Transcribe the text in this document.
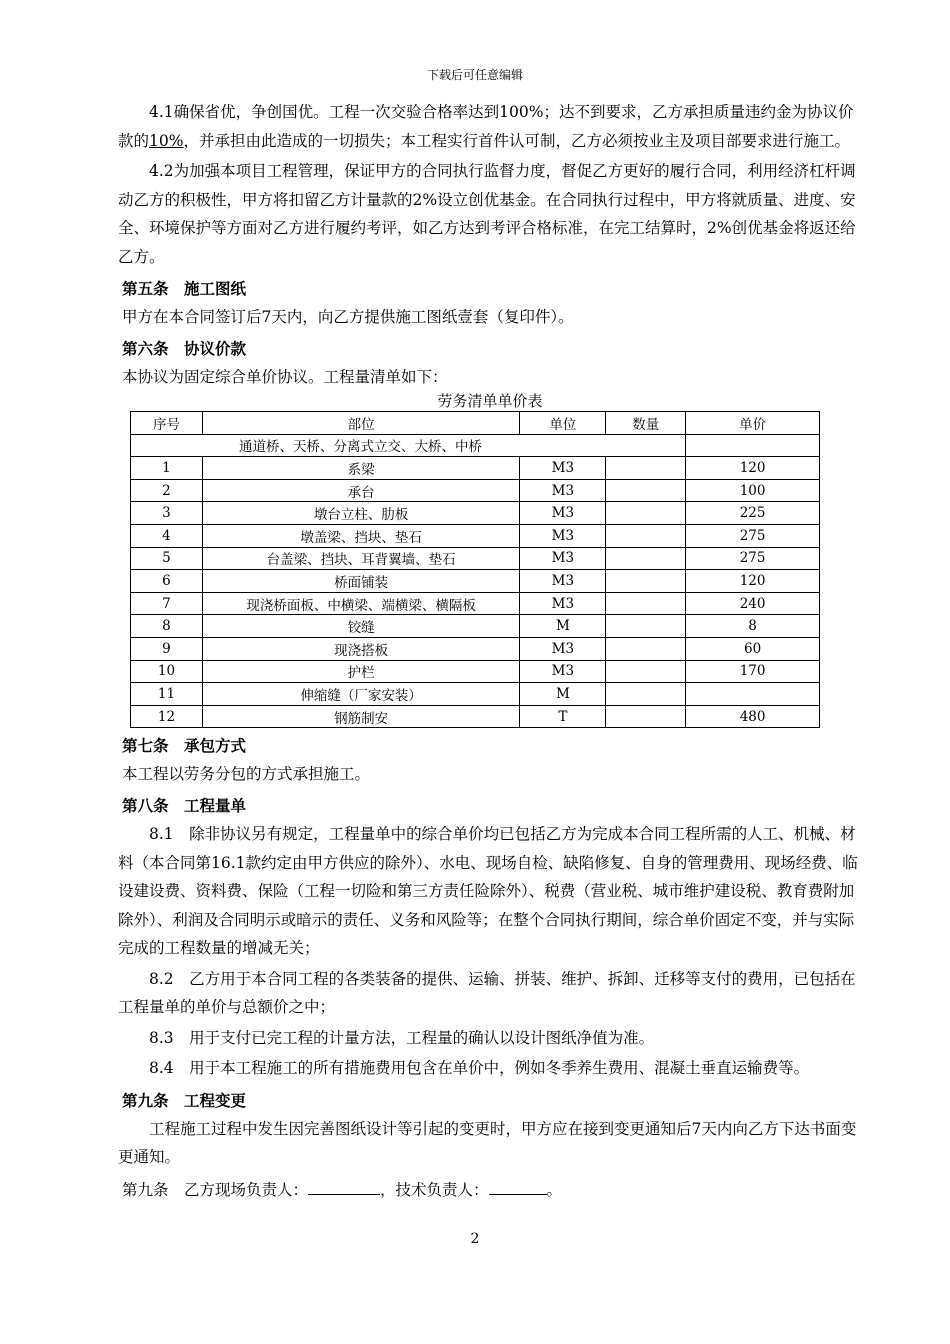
下载后可任意编辑

4.1确保省优，争创国优。工程一次交验合格率达到100%；达不到要求，乙方承担质量违约金为协议价款的10%，并承担由此造成的一切损失；本工程实行首件认可制，乙方必须按业主及项目部要求进行施工。

4.2为加强本项目工程管理，保证甲方的合同执行监督力度，督促乙方更好的履行合同，利用经济杠杆调动乙方的积极性，甲方将扣留乙方计量款的2%设立创优基金。在合同执行过程中，甲方将就质量、进度、安全、环境保护等方面对乙方进行履约考评，如乙方达到考评合格标准，在完工结算时，2%创优基金将返还给乙方。

第五条　施工图纸
甲方在本合同签订后7天内，向乙方提供施工图纸壹套（复印件）。
第六条　协议价款
本协议为固定综合单价协议。工程量清单如下：
劳务清单单价表
序号	部位	单位	数量	单价
通道桥、天桥、分离式立交、大桥、中桥				
1	系梁	M3		120
2	承台	M3		100
3	墩台立柱、肋板	M3		225
4	墩盖梁、挡块、垫石	M3		275
5	台盖梁、挡块、耳背翼墙、垫石	M3		275
6	桥面铺装	M3		120
7	现浇桥面板、中横梁、端横梁、横隔板	M3		240
8	铰缝	M		8
9	现浇搭板	M3		60
10	护栏	M3		170
11	伸缩缝（厂家安装）	M		
12	钢筋制安	T		480
第七条　承包方式
本工程以劳务分包的方式承担施工。
第八条　工程量单

8.1　除非协议另有规定，工程量单中的综合单价均已包括乙方为完成本合同工程所需的人工、机械、材料（本合同第16.1款约定由甲方供应的除外）、水电、现场自检、缺陷修复、自身的管理费用、现场经费、临设建设费、资料费、保险（工程一切险和第三方责任险除外）、税费（营业税、城市维护建设税、教育费附加除外）、利润及合同明示或暗示的责任、义务和风险等；在整个合同执行期间，综合单价固定不变，并与实际完成的工程数量的增减无关；

8.2　乙方用于本合同工程的各类装备的提供、运输、拼装、维护、拆卸、迁移等支付的费用，已包括在工程量单的单价与总额价之中；

8.3　用于支付已完工程的计量方法，工程量的确认以设计图纸净值为准。

8.4　用于本工程施工的所有措施费用包含在单价中，例如冬季养生费用、混凝土垂直运输费等。

第九条　工程变更

工程施工过程中发生因完善图纸设计等引起的变更时，甲方应在接到变更通知后7天内向乙方下达书面变更通知。

第九条　乙方现场负责人：	，技术负责人：	。
2
